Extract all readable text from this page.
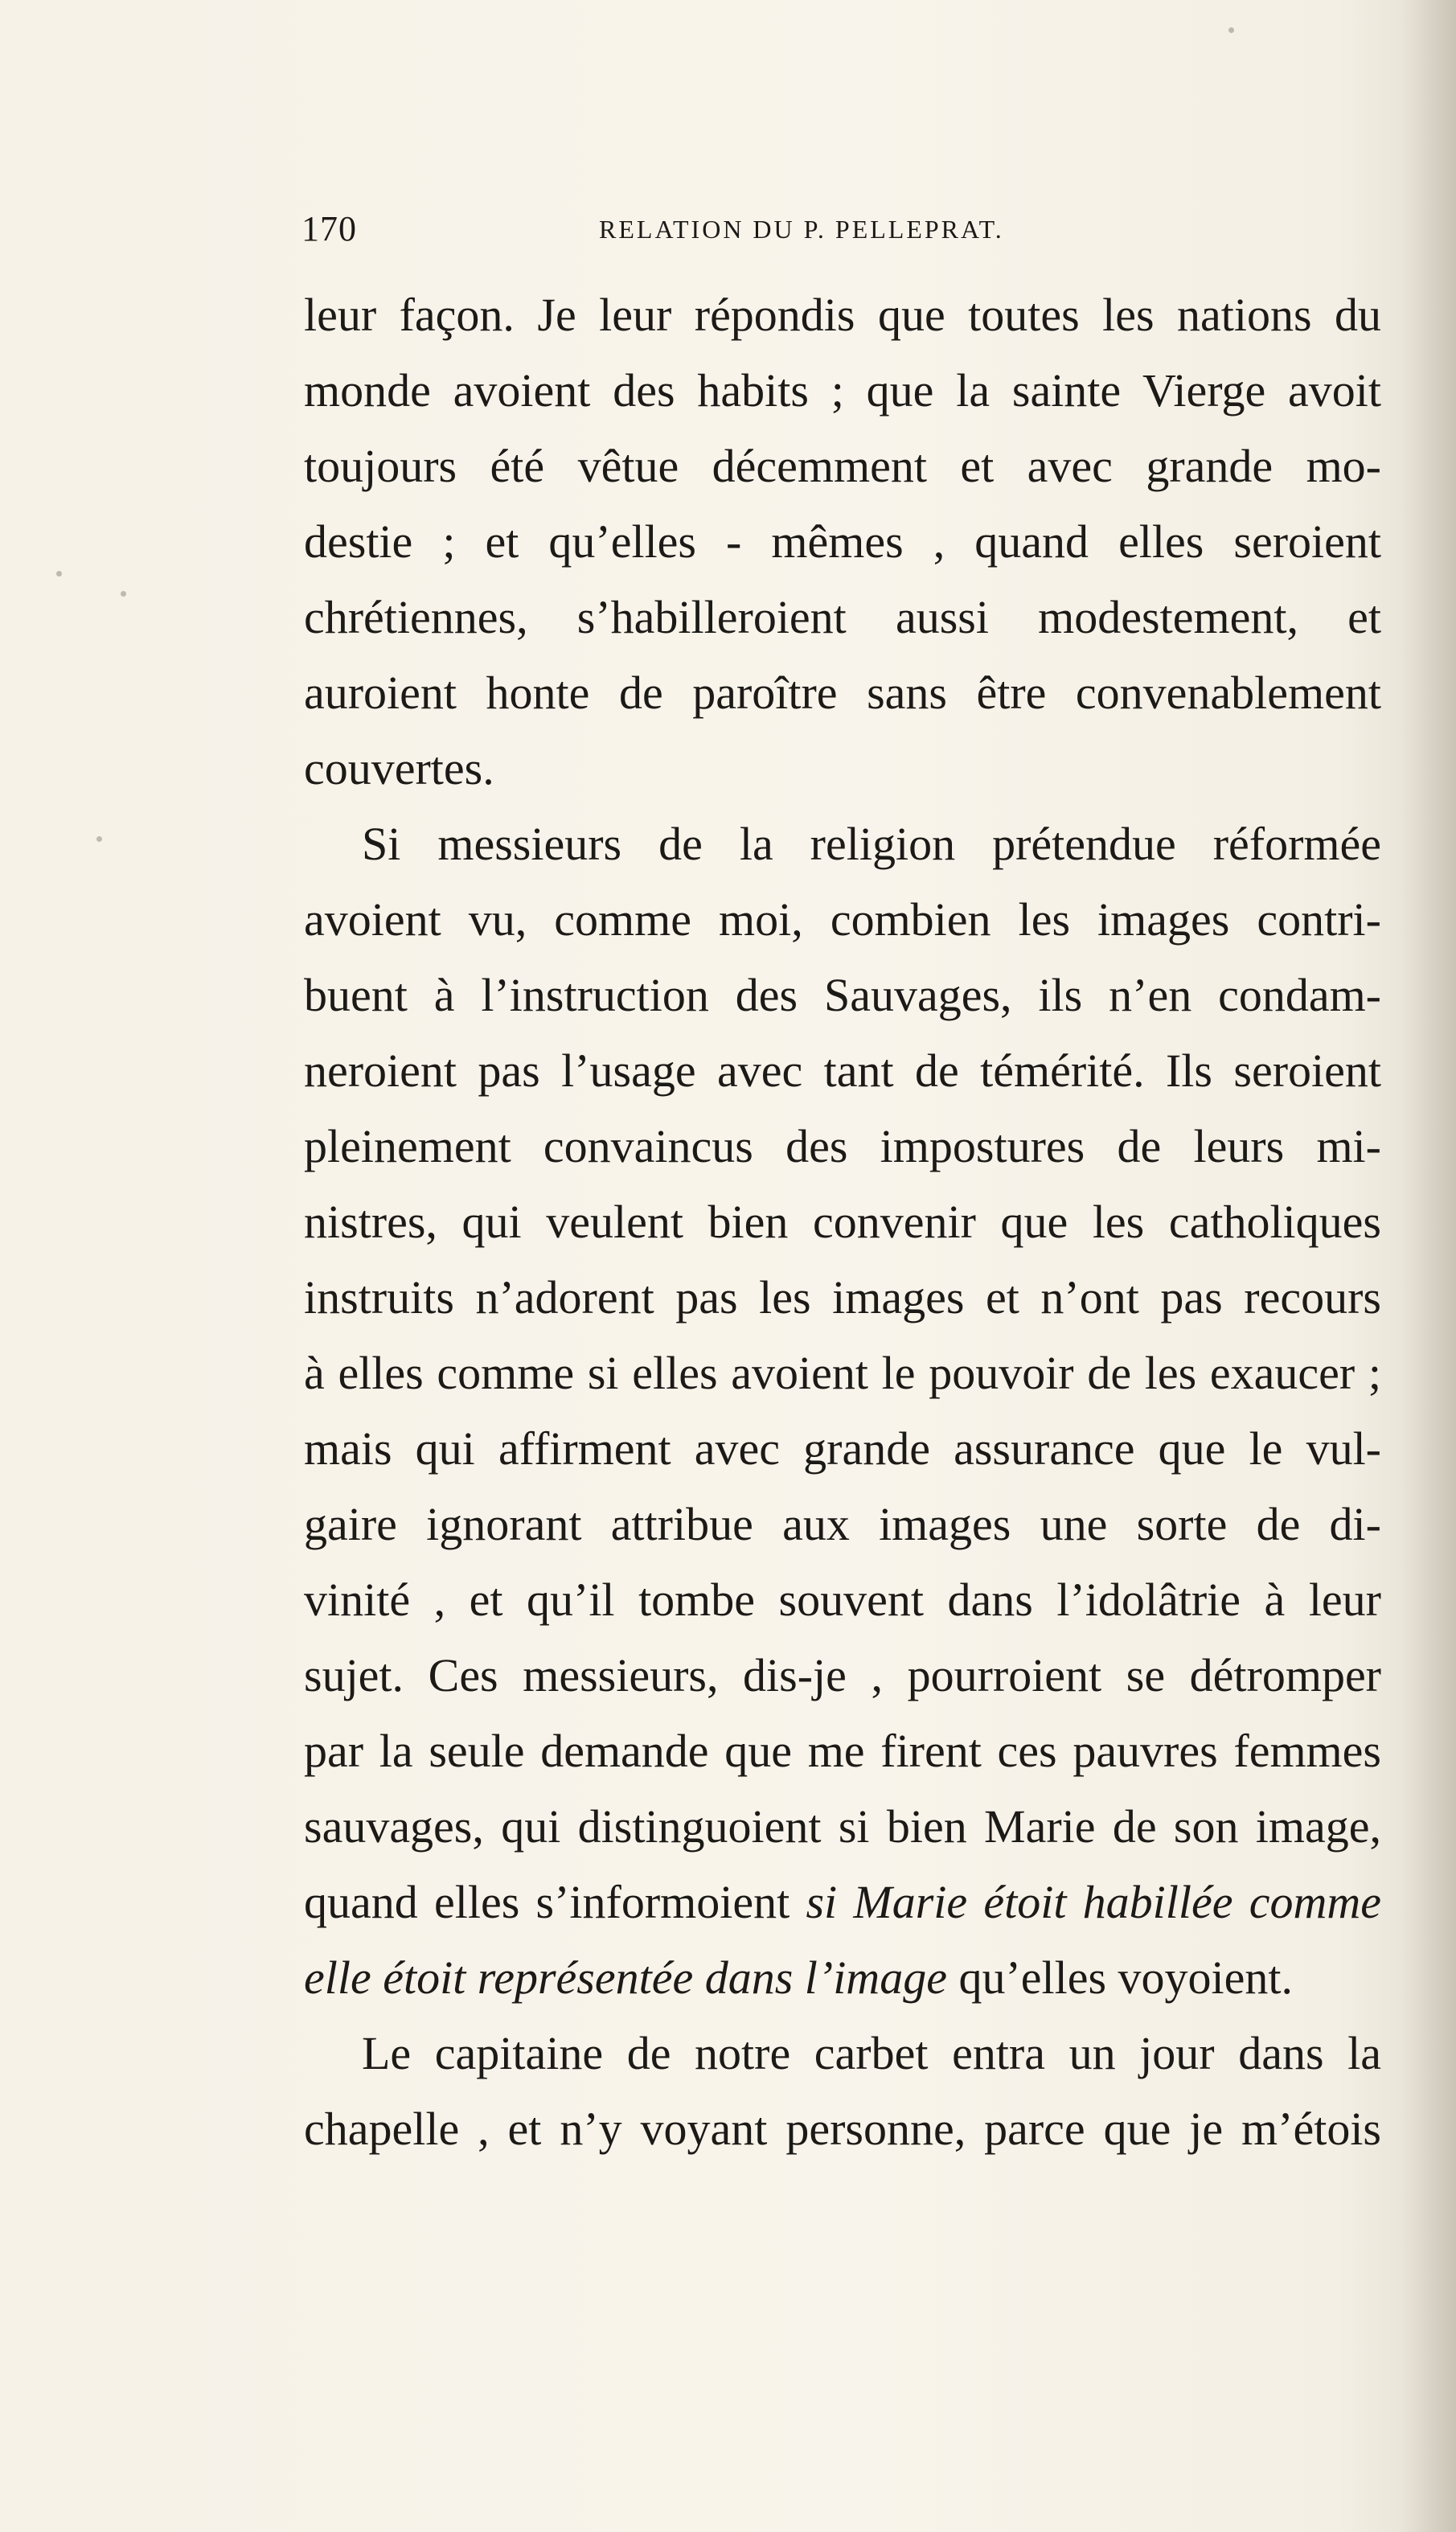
170	RELATION DU P. PELLEPRAT.
leur façon. Je leur répondis que toutes les nations du
monde avoient des habits ; que la sainte Vierge avoit
toujours été vêtue décemment et avec grande mo-
destie ; et qu’elles - mêmes , quand elles seroient
chrétiennes, s’habilleroient aussi modestement, et
auroient honte de paroître sans être convenablement
couvertes.
Si messieurs de la religion prétendue réformée
avoient vu, comme moi, combien les images contri-
buent à l’instruction des Sauvages, ils n’en condam-
neroient pas l’usage avec tant de témérité. Ils seroient
pleinement convaincus des impostures de leurs mi-
nistres, qui veulent bien convenir que les catholiques
instruits n’adorent pas les images et n’ont pas recours
à elles comme si elles avoient le pouvoir de les exaucer ;
mais qui affirment avec grande assurance que le vul-
gaire ignorant attribue aux images une sorte de di-
vinité , et qu’il tombe souvent dans l’idolâtrie à leur
sujet. Ces messieurs, dis-je , pourroient se détromper
par la seule demande que me firent ces pauvres femmes
sauvages, qui distinguoient si bien Marie de son image,
quand elles s’informoient si Marie étoit habillée comme
elle étoit représentée dans l’image qu’elles voyoient.
Le capitaine de notre carbet entra un jour dans la
chapelle , et n’y voyant personne, parce que je m’étois
